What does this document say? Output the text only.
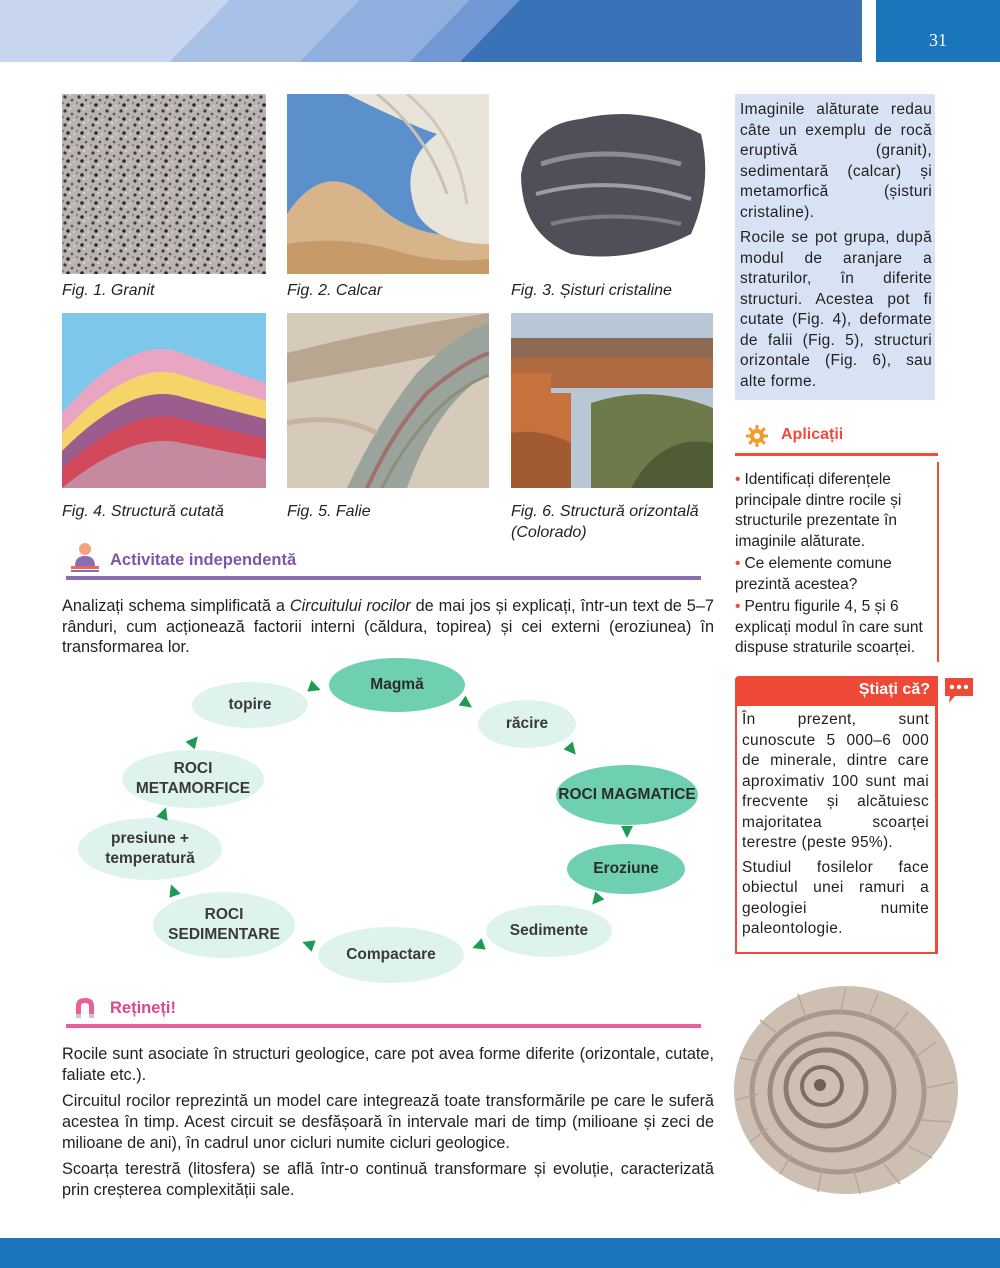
31
Fig. 1. Granit	Fig. 2. Calcar	Fig. 3. Șisturi cristaline
Fig. 4. Structură cutată	Fig. 5. Falie	Fig. 6. Structură orizontală (Colorado)

Imaginile alăturate redau câte un exemplu de rocă eruptivă (granit), sedimentară (calcar) și metamorfică (șisturi cristaline).

Rocile se pot grupa, după modul de aranjare a straturilor, în diferite structuri. Acestea pot fi cutate (Fig. 4), deformate de falii (Fig. 5), structuri orizontale (Fig. 6), sau alte forme.

Aplicații
• Identificați diferențele principale dintre rocile și structurile prezentate în imaginile alăturate.
• Ce elemente comune prezintă acestea?
• Pentru figurile 4, 5 și 6 explicați modul în care sunt dispuse straturile scoarței.
Știați că?

În prezent, sunt cunoscute 5 000–6 000 de minerale, dintre care aproximativ 100 sunt mai frecvente și alcătuiesc majoritatea scoarței terestre (peste 95%).

Studiul fosilelor face obiectul unei ramuri a geologiei numite paleontologie.

Activitate independentă
Analizați schema simplificată a Circuitului rocilor de mai jos și explicați, într-un text de 5–7 rânduri, cum acționează factorii interni (căldura, topirea) și cei externi (eroziunea) în transformarea lor.
Magmă
răcire
ROCI MAGMATICE
Eroziune
Sedimente
Compactare
ROCI SEDIMENTARE
presiune + temperatură
ROCI METAMORFICE
topire
Rețineți!

Rocile sunt asociate în structuri geologice, care pot avea forme diferite (orizontale, cutate, faliate etc.).

Circuitul rocilor reprezintă un model care integrează toate transformările pe care le suferă acestea în timp. Acest circuit se desfășoară în intervale mari de timp (milioane și zeci de milioane de ani), în cadrul unor cicluri numite cicluri geologice.

Scoarța terestră (litosfera) se află într-o continuă transformare și evoluție, caracterizată prin creșterea complexității sale.
